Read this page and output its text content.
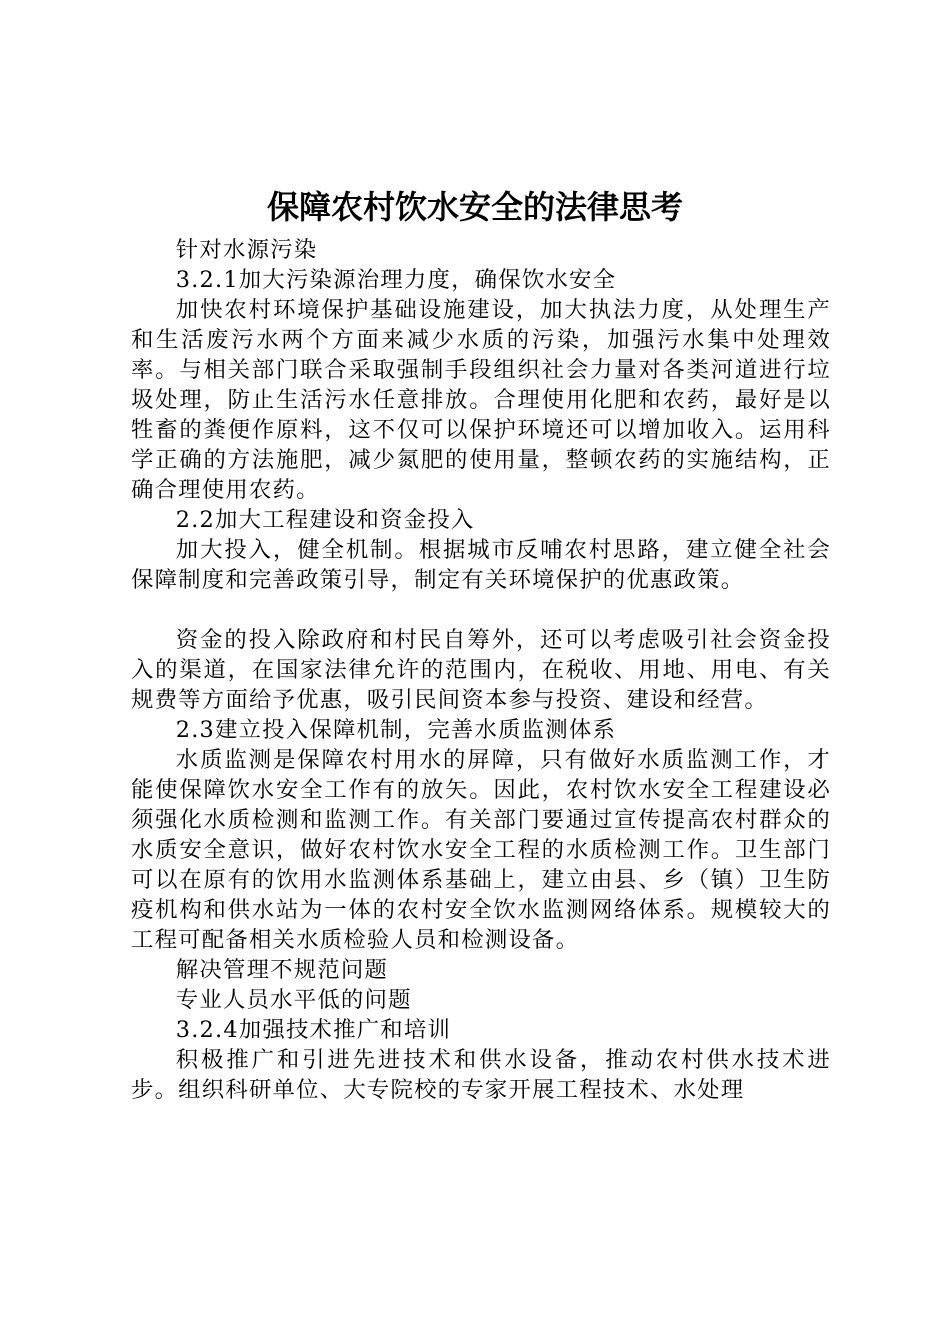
保障农村饮水安全的法律思考

针对水源污染

3.2.1加大污染源治理力度，确保饮水安全

加快农村环境保护基础设施建设，加大执法力度，从处理生产和生活废污水两个方面来减少水质的污染，加强污水集中处理效率。与相关部门联合采取强制手段组织社会力量对各类河道进行垃圾处理，防止生活污水任意排放。合理使用化肥和农药，最好是以牲畜的粪便作原料，这不仅可以保护环境还可以增加收入。运用科学正确的方法施肥，减少氮肥的使用量，整顿农药的实施结构，正确合理使用农药。

2.2加大工程建设和资金投入

加大投入，健全机制。根据城市反哺农村思路，建立健全社会保障制度和完善政策引导，制定有关环境保护的优惠政策。

资金的投入除政府和村民自筹外，还可以考虑吸引社会资金投入的渠道，在国家法律允许的范围内，在税收、用地、用电、有关规费等方面给予优惠，吸引民间资本参与投资、建设和经营。

2.3建立投入保障机制，完善水质监测体系

水质监测是保障农村用水的屏障，只有做好水质监测工作，才能使保障饮水安全工作有的放矢。因此，农村饮水安全工程建设必须强化水质检测和监测工作。有关部门要通过宣传提高农村群众的水质安全意识，做好农村饮水安全工程的水质检测工作。卫生部门可以在原有的饮用水监测体系基础上，建立由县、乡（镇）卫生防疫机构和供水站为一体的农村安全饮水监测网络体系。规模较大的工程可配备相关水质检验人员和检测设备。

解决管理不规范问题

专业人员水平低的问题

3.2.4加强技术推广和培训

积极推广和引进先进技术和供水设备，推动农村供水技术进步。组织科研单位、大专院校的专家开展工程技术、水处理
